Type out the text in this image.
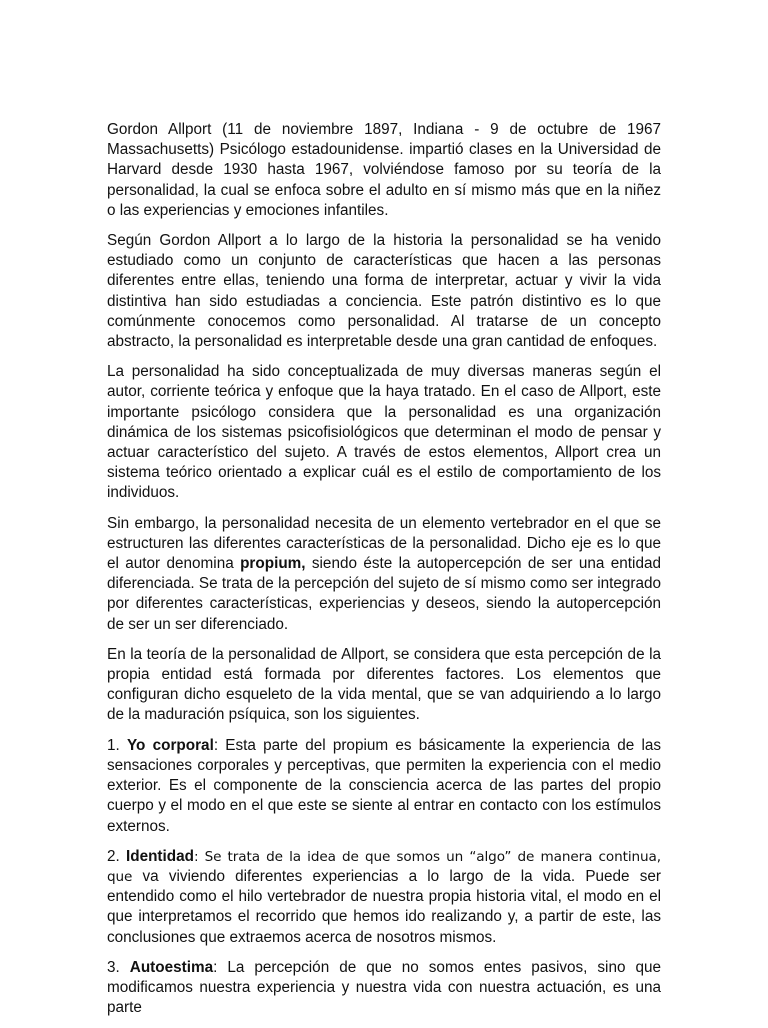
Gordon Allport (11 de noviembre 1897, Indiana - 9 de octubre de 1967 Massachusetts) Psicólogo estadounidense. impartió clases en la Universidad de Harvard desde 1930 hasta 1967, volviéndose famoso por su teoría de la personalidad, la cual se enfoca sobre el adulto en sí mismo más que en la niñez o las experiencias y emociones infantiles.

Según Gordon Allport a lo largo de la historia la personalidad se ha venido estudiado como un conjunto de características que hacen a las personas diferentes entre ellas, teniendo una forma de interpretar, actuar y vivir la vida distintiva han sido estudiadas a conciencia. Este patrón distintivo es lo que comúnmente conocemos como personalidad. Al tratarse de un concepto abstracto, la personalidad es interpretable desde una gran cantidad de enfoques.

La personalidad ha sido conceptualizada de muy diversas maneras según el autor, corriente teórica y enfoque que la haya tratado. En el caso de Allport, este importante psicólogo considera que la personalidad es una organización dinámica de los sistemas psicofisiológicos que determinan el modo de pensar y actuar característico del sujeto. A través de estos elementos, Allport crea un sistema teórico orientado a explicar cuál es el estilo de comportamiento de los individuos.

Sin embargo, la personalidad necesita de un elemento vertebrador en el que se estructuren las diferentes características de la personalidad. Dicho eje es lo que el autor denomina propium, siendo éste la autopercepción de ser una entidad diferenciada. Se trata de la percepción del sujeto de sí mismo como ser integrado por diferentes características, experiencias y deseos, siendo la autopercepción de ser un ser diferenciado.

En la teoría de la personalidad de Allport, se considera que esta percepción de la propia entidad está formada por diferentes factores. Los elementos que configuran dicho esqueleto de la vida mental, que se van adquiriendo a lo largo de la maduración psíquica, son los siguientes.

1. Yo corporal: Esta parte del propium es básicamente la experiencia de las sensaciones corporales y perceptivas, que permiten la experiencia con el medio exterior. Es el componente de la consciencia acerca de las partes del propio cuerpo y el modo en el que este se siente al entrar en contacto con los estímulos externos.

2. Identidad: Se trata de la idea de que somos un “algo” de manera continua, que va viviendo diferentes experiencias a lo largo de la vida. Puede ser entendido como el hilo vertebrador de nuestra propia historia vital, el modo en el que interpretamos el recorrido que hemos ido realizando y, a partir de este, las conclusiones que extraemos acerca de nosotros mismos.

3. Autoestima: La percepción de que no somos entes pasivos, sino que modificamos nuestra experiencia y nuestra vida con nuestra actuación, es una parte
